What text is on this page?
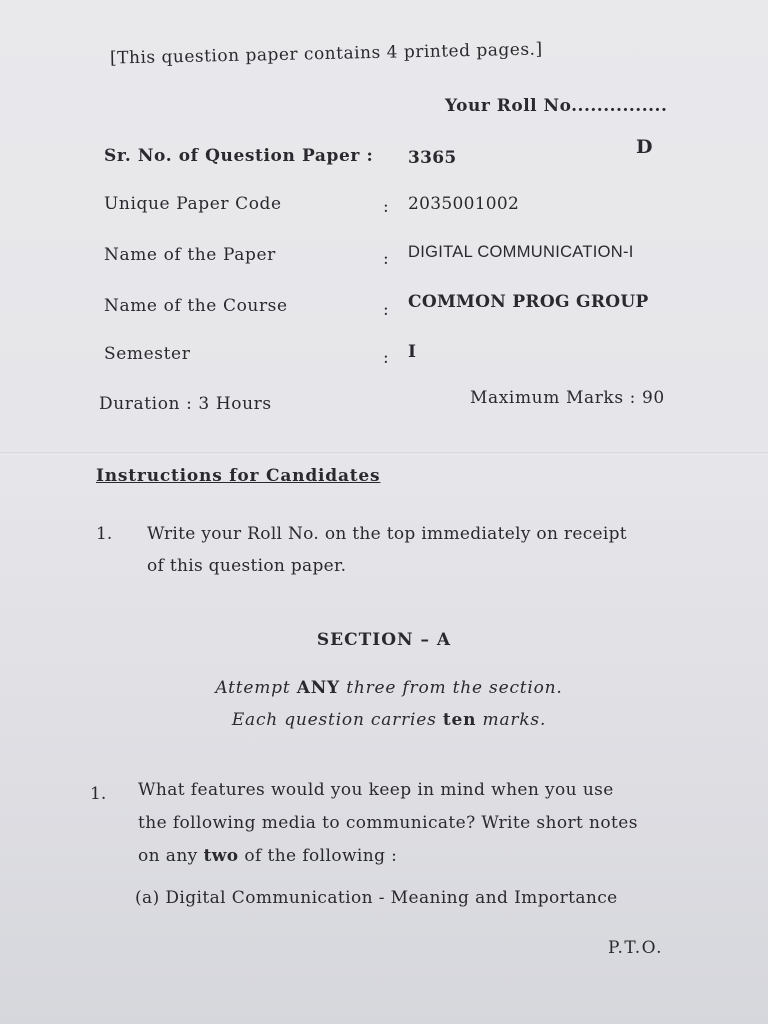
[This question paper contains 4 printed pages.]
Your Roll No...............
D
Sr. No. of Question Paper : 3365
Unique Paper Code	: 2035001002
Name of the Paper	: DIGITAL COMMUNICATION-I
Name of the Course	: COMMON PROG GROUP
Semester	: I
Duration : 3 Hours	Maximum Marks : 90
Instructions for Candidates
1. Write your Roll No. on the top immediately on receipt
of this question paper.
SECTION – A
Attempt ANY three from the section.
Each question carries ten marks.
1. What features would you keep in mind when you use
the following media to communicate? Write short notes
on any two of the following :
(a) Digital Communication - Meaning and Importance
P.T.O.
